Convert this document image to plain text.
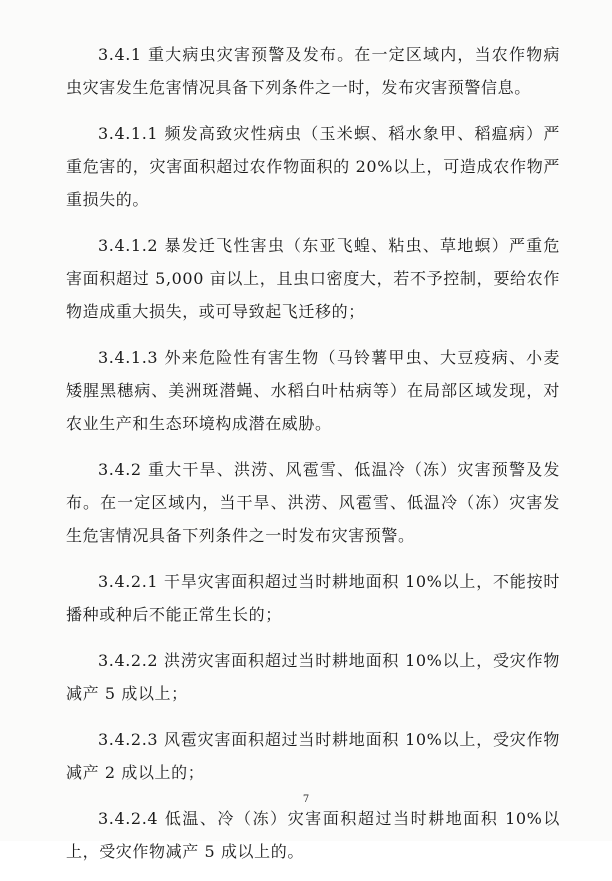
3.4.1 重大病虫灾害预警及发布。在一定区域内，当农作物病虫灾害发生危害情况具备下列条件之一时，发布灾害预警信息。

3.4.1.1 频发高致灾性病虫（玉米螟、稻水象甲、稻瘟病）严重危害的，灾害面积超过农作物面积的 20%以上，可造成农作物严重损失的。

3.4.1.2 暴发迁飞性害虫（东亚飞蝗、粘虫、草地螟）严重危害面积超过 5,000 亩以上，且虫口密度大，若不予控制，要给农作物造成重大损失，或可导致起飞迁移的；

3.4.1.3 外来危险性有害生物（马铃薯甲虫、大豆疫病、小麦矮腥黑穗病、美洲斑潜蝇、水稻白叶枯病等）在局部区域发现，对农业生产和生态环境构成潜在威胁。

3.4.2 重大干旱、洪涝、风雹雪、低温冷（冻）灾害预警及发布。在一定区域内，当干旱、洪涝、风雹雪、低温冷（冻）灾害发生危害情况具备下列条件之一时发布灾害预警。

3.4.2.1 干旱灾害面积超过当时耕地面积 10%以上，不能按时播种或种后不能正常生长的；

3.4.2.2 洪涝灾害面积超过当时耕地面积 10%以上，受灾作物减产 5 成以上；

3.4.2.3 风雹灾害面积超过当时耕地面积 10%以上，受灾作物减产 2 成以上的；

3.4.2.4 低温、冷（冻）灾害面积超过当时耕地面积 10%以上，受灾作物减产 5 成以上的。

7
